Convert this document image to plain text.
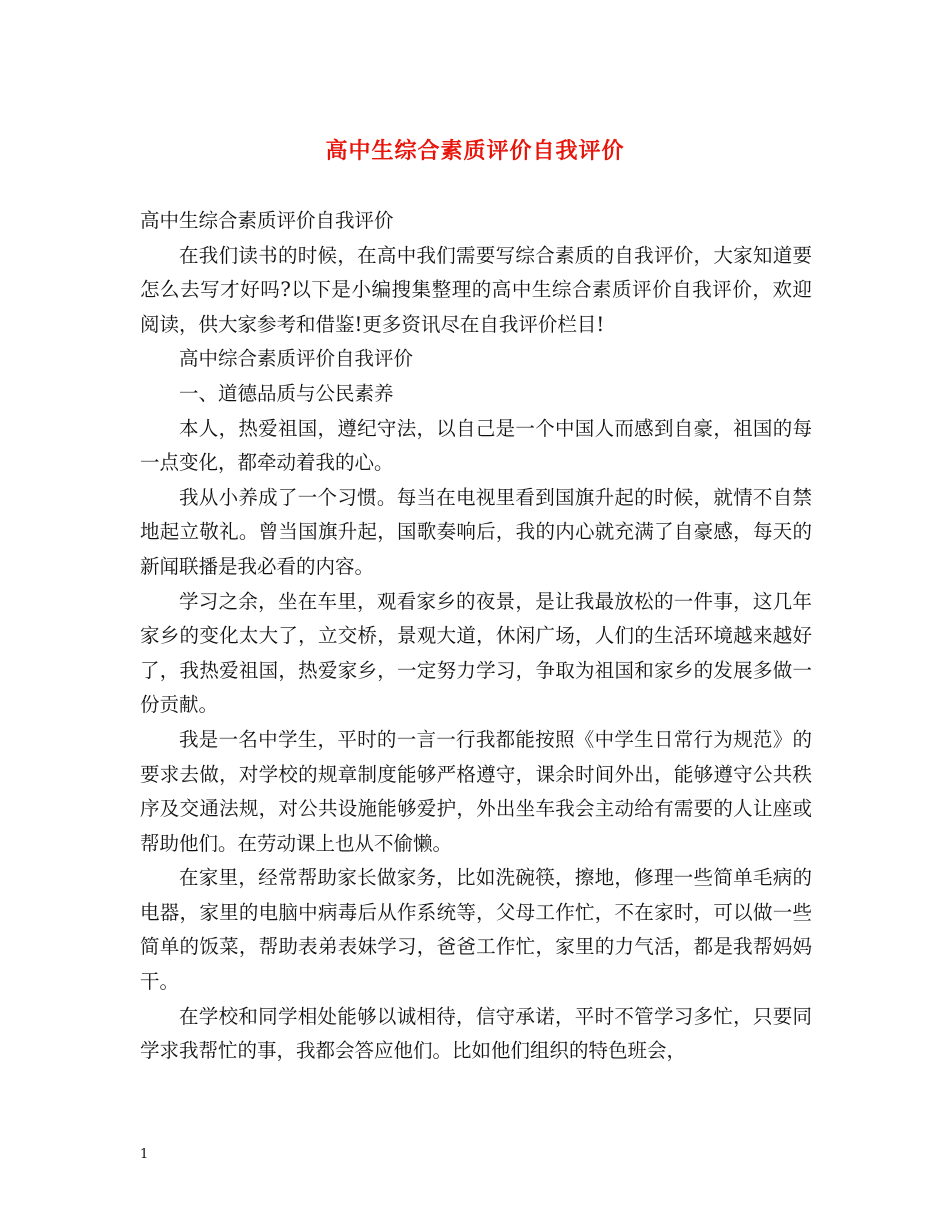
高中生综合素质评价自我评价

高中生综合素质评价自我评价

在我们读书的时候，在高中我们需要写综合素质的自我评价，大家知道要怎么去写才好吗?以下是小编搜集整理的高中生综合素质评价自我评价，欢迎阅读，供大家参考和借鉴!更多资讯尽在自我评价栏目!

高中综合素质评价自我评价

一、道德品质与公民素养

本人，热爱祖国，遵纪守法，以自己是一个中国人而感到自豪，祖国的每一点变化，都牵动着我的心。

我从小养成了一个习惯。每当在电视里看到国旗升起的时候，就情不自禁地起立敬礼。曾当国旗升起，国歌奏响后，我的内心就充满了自豪感，每天的新闻联播是我必看的内容。

学习之余，坐在车里，观看家乡的夜景，是让我最放松的一件事，这几年家乡的变化太大了，立交桥，景观大道，休闲广场，人们的生活环境越来越好了，我热爱祖国，热爱家乡，一定努力学习，争取为祖国和家乡的发展多做一份贡献。

我是一名中学生，平时的一言一行我都能按照《中学生日常行为规范》的要求去做，对学校的规章制度能够严格遵守，课余时间外出，能够遵守公共秩序及交通法规，对公共设施能够爱护，外出坐车我会主动给有需要的人让座或帮助他们。在劳动课上也从不偷懒。

在家里，经常帮助家长做家务，比如洗碗筷，擦地，修理一些简单毛病的电器，家里的电脑中病毒后从作系统等，父母工作忙，不在家时，可以做一些简单的饭菜，帮助表弟表妹学习，爸爸工作忙，家里的力气活，都是我帮妈妈干。

在学校和同学相处能够以诚相待，信守承诺，平时不管学习多忙，只要同学求我帮忙的事，我都会答应他们。比如他们组织的特色班会，

1
